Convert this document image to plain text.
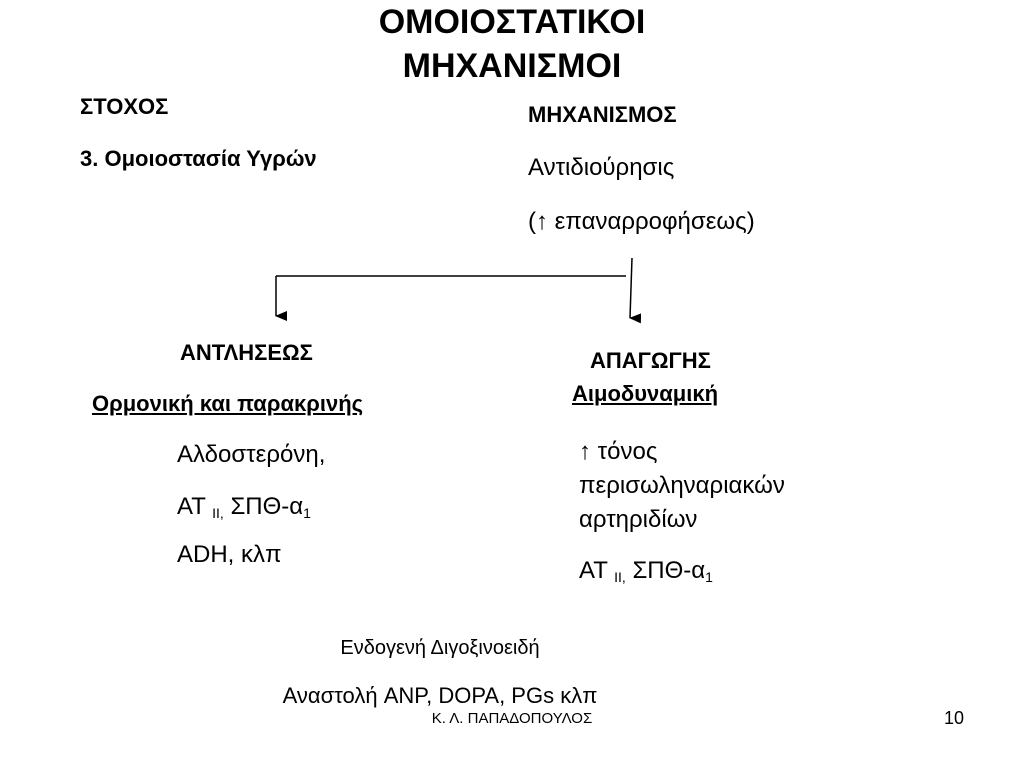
ΟΜΟΙΟΣΤΑΤΙΚΟΙ
ΜΗΧΑΝΙΣΜΟΙ
ΣΤΟΧΟΣ
3. Ομοιοστασία Υγρών
ΜΗΧΑΝΙΣΜΟΣ
Αντιδιούρησις
(↑ επαναρροφήσεως)
ΑΝΤΛΗΣΕΩΣ
Ορμονική και παρακρινής
Αλδοστερόνη,
AT $_{II,}$ ΣΠΘ-$\alpha_1$
ADH, κλπ
ΑΠΑΓΩΓΗΣ
Αιμοδυναμική
↑ τόνος
περισωληναριακών
αρτηριδίων
AT $_{II,}$ ΣΠΘ-$\alpha_1$
Ενδογενή Διγοξινοειδή
Αναστολή ANP, DOPA, PGs κλπ
Κ. Λ. ΠΑΠΑΔΟΠΟΥΛΟΣ	10
